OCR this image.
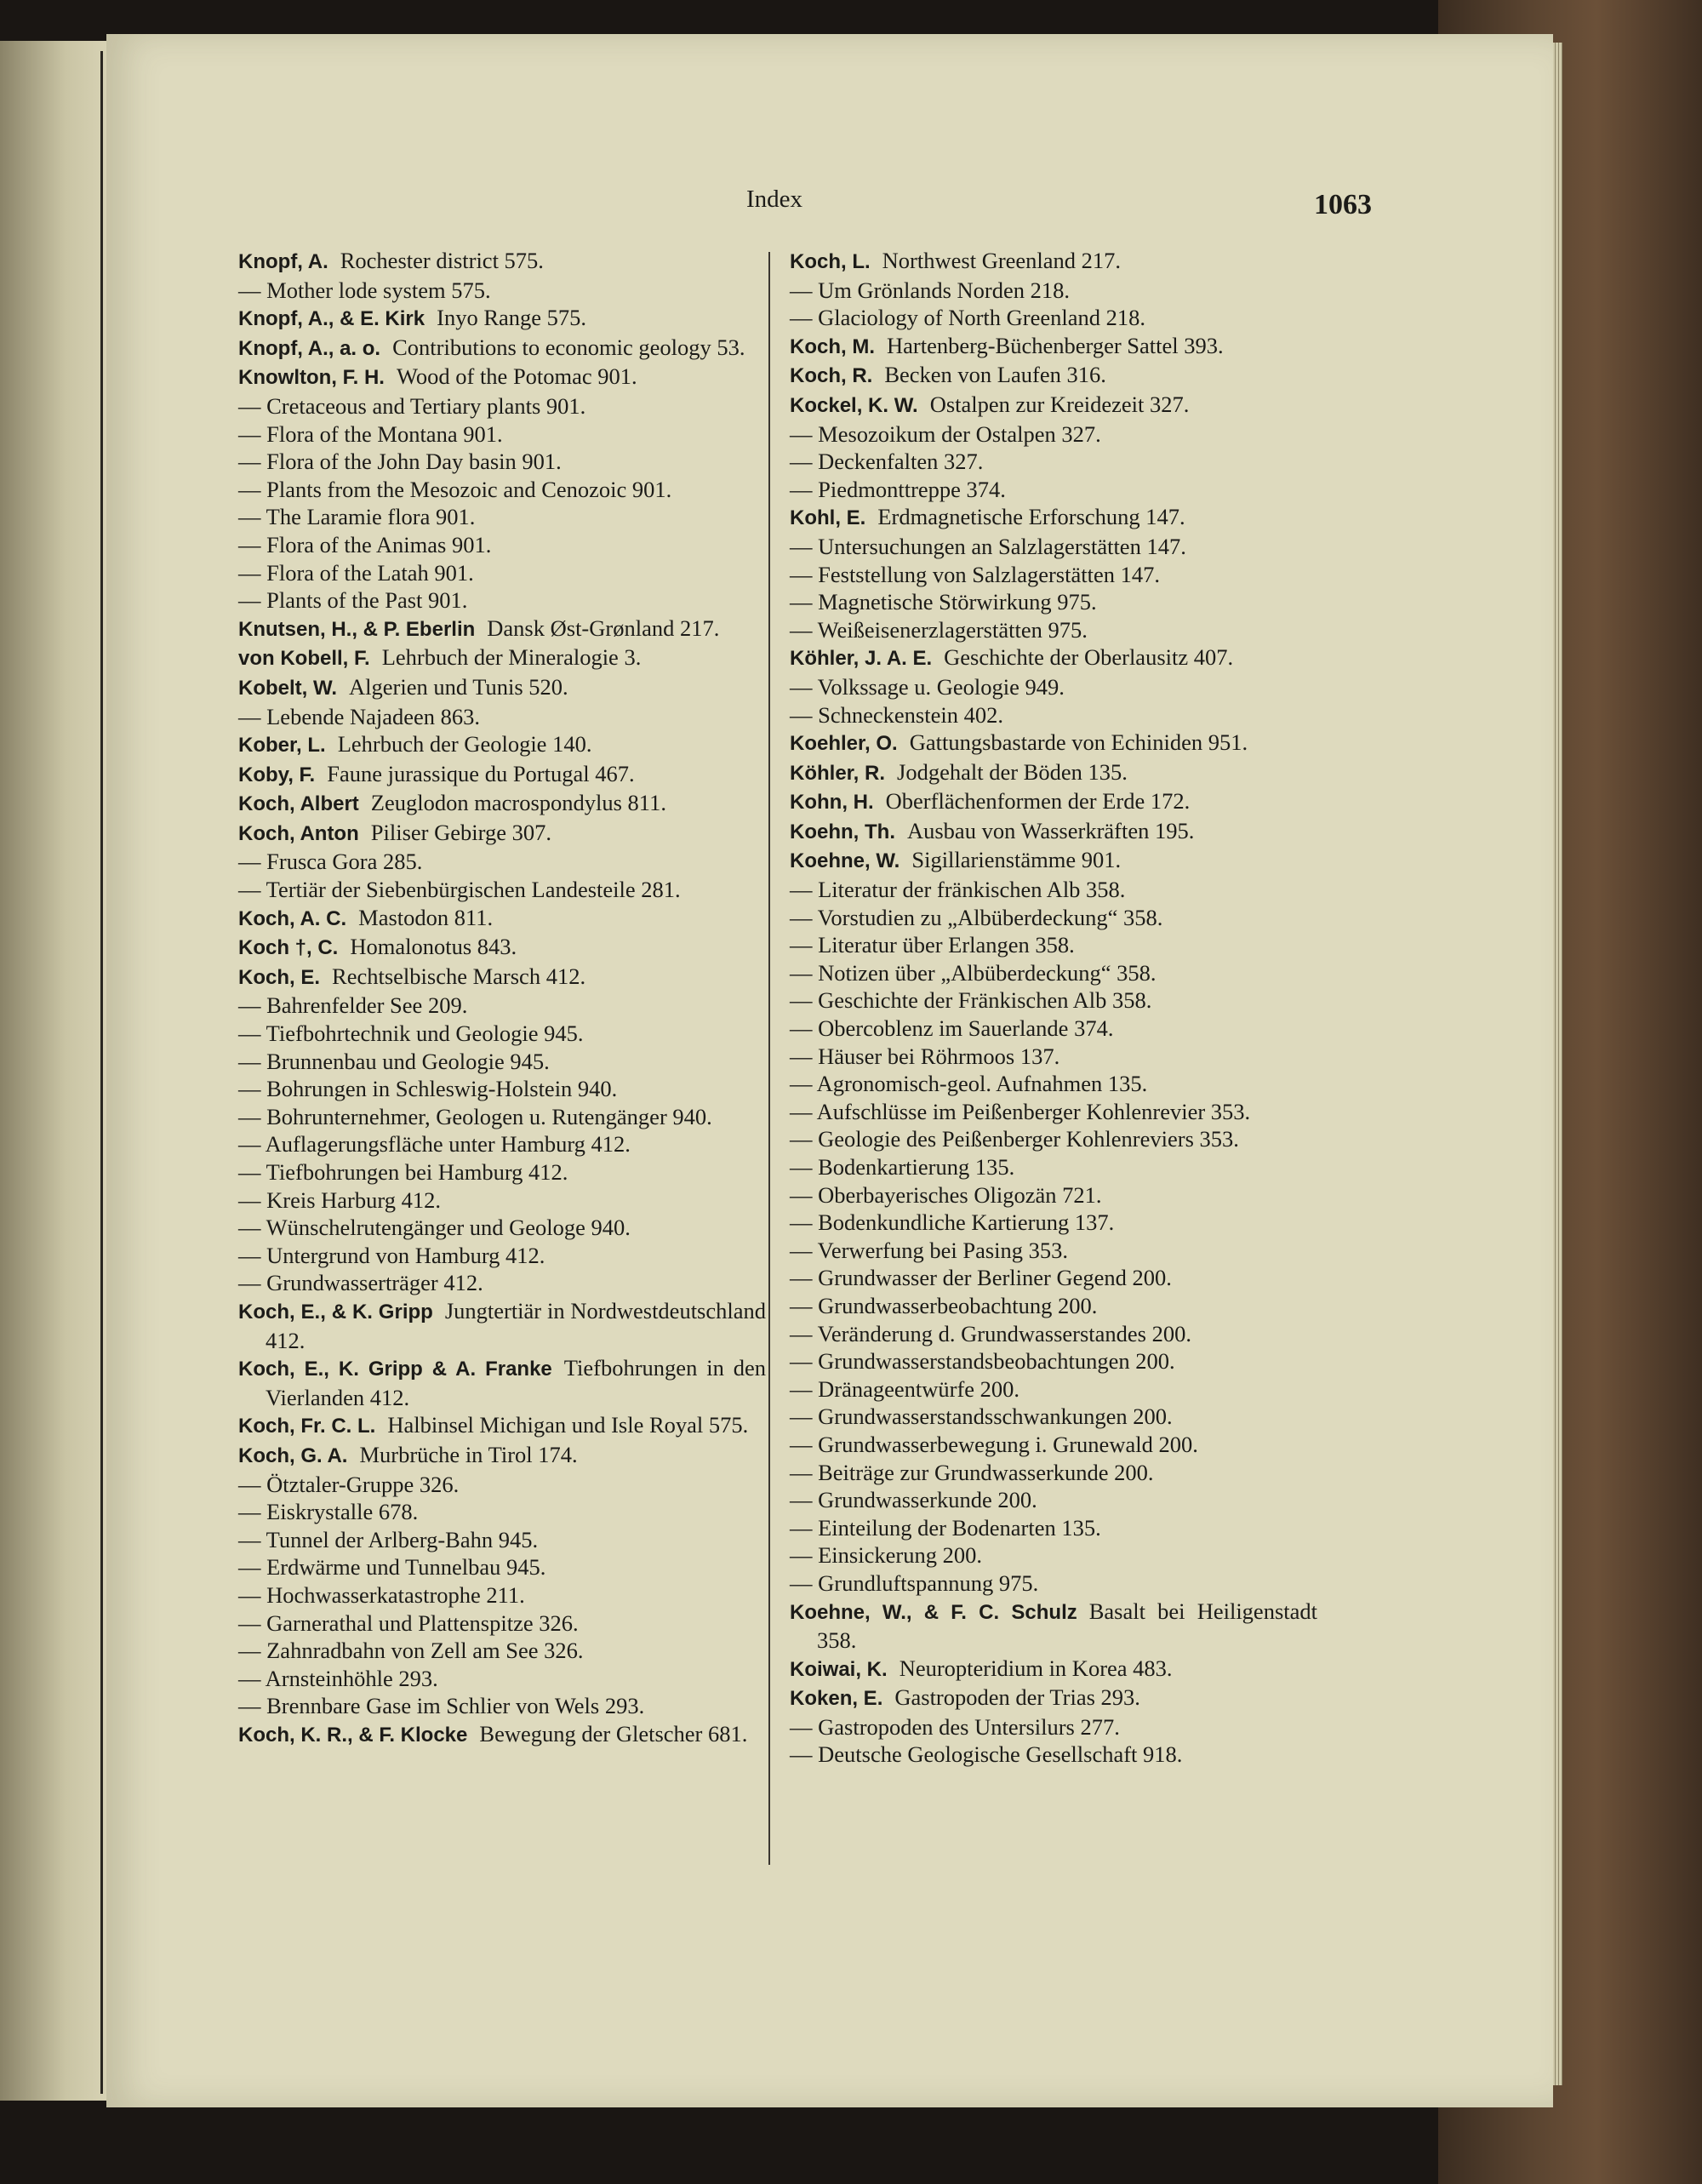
Index	1063

Knopf, A. Rochester district 575.

— Mother lode system 575.

Knopf, A., & E. Kirk Inyo Range 575.

Knopf, A., a. o. Contributions to economic geology 53.

Knowlton, F. H. Wood of the Potomac 901.

— Cretaceous and Tertiary plants 901.

— Flora of the Montana 901.

— Flora of the John Day basin 901.

— Plants from the Mesozoic and Cenozoic 901.

— The Laramie flora 901.

— Flora of the Animas 901.

— Flora of the Latah 901.

— Plants of the Past 901.

Knutsen, H., & P. Eberlin Dansk Øst-Grønland 217.

von Kobell, F. Lehrbuch der Mineralogie 3.

Kobelt, W. Algerien und Tunis 520.

— Lebende Najadeen 863.

Kober, L. Lehrbuch der Geologie 140.

Koby, F. Faune jurassique du Portugal 467.

Koch, Albert Zeuglodon macrospondylus 811.

Koch, Anton Piliser Gebirge 307.

— Frusca Gora 285.

— Tertiär der Siebenbürgischen Landesteile 281.

Koch, A. C. Mastodon 811.

Koch †, C. Homalonotus 843.

Koch, E. Rechtselbische Marsch 412.

— Bahrenfelder See 209.

— Tiefbohrtechnik und Geologie 945.

— Brunnenbau und Geologie 945.

— Bohrungen in Schleswig-Holstein 940.

— Bohrunternehmer, Geologen u. Rutengänger 940.

— Auflagerungsfläche unter Hamburg 412.

— Tiefbohrungen bei Hamburg 412.

— Kreis Harburg 412.

— Wünschelrutengänger und Geologe 940.

— Untergrund von Hamburg 412.

— Grundwasserträger 412.

Koch, E., & K. Gripp Jungtertiär in Nordwestdeutschland 412.

Koch, E., K. Gripp & A. Franke Tiefbohrungen in den Vierlanden 412.

Koch, Fr. C. L. Halbinsel Michigan und Isle Royal 575.

Koch, G. A. Murbrüche in Tirol 174.

— Ötztaler-Gruppe 326.

— Eiskrystalle 678.

— Tunnel der Arlberg-Bahn 945.

— Erdwärme und Tunnelbau 945.

— Hochwasserkatastrophe 211.

— Garnerathal und Plattenspitze 326.

— Zahnradbahn von Zell am See 326.

— Arnsteinhöhle 293.

— Brennbare Gase im Schlier von Wels 293.

Koch, K. R., & F. Klocke Bewegung der Gletscher 681.

Koch, L. Northwest Greenland 217.

— Um Grönlands Norden 218.

— Glaciology of North Greenland 218.

Koch, M. Hartenberg-Büchenberger Sattel 393.

Koch, R. Becken von Laufen 316.

Kockel, K. W. Ostalpen zur Kreidezeit 327.

— Mesozoikum der Ostalpen 327.

— Deckenfalten 327.

— Piedmonttreppe 374.

Kohl, E. Erdmagnetische Erforschung 147.

— Untersuchungen an Salzlagerstätten 147.

— Feststellung von Salzlagerstätten 147.

— Magnetische Störwirkung 975.

— Weißeisenerzlagerstätten 975.

Köhler, J. A. E. Geschichte der Oberlausitz 407.

— Volkssage u. Geologie 949.

— Schneckenstein 402.

Koehler, O. Gattungsbastarde von Echiniden 951.

Köhler, R. Jodgehalt der Böden 135.

Kohn, H. Oberflächenformen der Erde 172.

Koehn, Th. Ausbau von Wasserkräften 195.

Koehne, W. Sigillarienstämme 901.

— Literatur der fränkischen Alb 358.

— Vorstudien zu „Albüberdeckung“ 358.

— Literatur über Erlangen 358.

— Notizen über „Albüberdeckung“ 358.

— Geschichte der Fränkischen Alb 358.

— Obercoblenz im Sauerlande 374.

— Häuser bei Röhrmoos 137.

— Agronomisch-geol. Aufnahmen 135.

— Aufschlüsse im Peißenberger Kohlenrevier 353.

— Geologie des Peißenberger Kohlenreviers 353.

— Bodenkartierung 135.

— Oberbayerisches Oligozän 721.

— Bodenkundliche Kartierung 137.

— Verwerfung bei Pasing 353.

— Grundwasser der Berliner Gegend 200.

— Grundwasserbeobachtung 200.

— Veränderung d. Grundwasserstandes 200.

— Grundwasserstandsbeobachtungen 200.

— Dränageentwürfe 200.

— Grundwasserstandsschwankungen 200.

— Grundwasserbewegung i. Grunewald 200.

— Beiträge zur Grundwasserkunde 200.

— Grundwasserkunde 200.

— Einteilung der Bodenarten 135.

— Einsickerung 200.

— Grundluftspannung 975.

Koehne, W., & F. C. Schulz Basalt bei Heiligenstadt 358.

Koiwai, K. Neuropteridium in Korea 483.

Koken, E. Gastropoden der Trias 293.

— Gastropoden des Untersilurs 277.

— Deutsche Geologische Gesellschaft 918.
